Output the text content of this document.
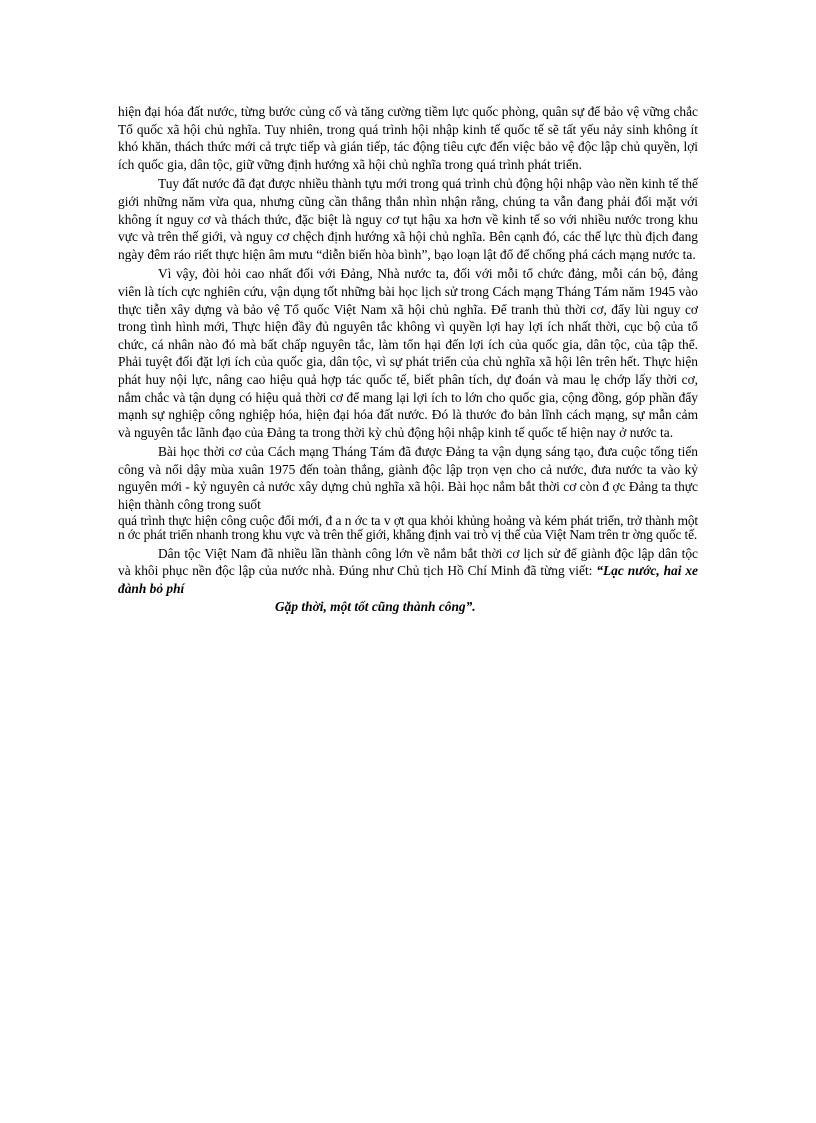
hiện đại hóa đất nước, từng bước củng cố và tăng cường tiềm lực quốc phòng, quân sự để bảo vệ vững chắc Tổ quốc xã hội chủ nghĩa. Tuy nhiên, trong quá trình hội nhập kinh tế quốc tế sẽ tất yếu nảy sinh không ít khó khăn, thách thức mới cả trực tiếp và gián tiếp, tác động tiêu cực đến việc bảo vệ độc lập chủ quyền, lợi ích quốc gia, dân tộc, giữ vững định hướng xã hội chủ nghĩa trong quá trình phát triển.

Tuy đất nước đã đạt được nhiều thành tựu mới trong quá trình chủ động hội nhập vào nền kinh tế thế giới những năm vừa qua, nhưng cũng cần thẳng thắn nhìn nhận rằng, chúng ta vẫn đang phải đối mặt với không ít nguy cơ và thách thức, đặc biệt là nguy cơ tụt hậu xa hơn về kinh tế so với nhiều nước trong khu vực và trên thế giới, và nguy cơ chệch định hướng xã hội chủ nghĩa. Bên cạnh đó, các thế lực thù địch đang ngày đêm ráo riết thực hiện âm mưu “diễn biến hòa bình”, bạo loạn lật đổ để chống phá cách mạng nước ta.

Vì vậy, đòi hỏi cao nhất đối với Đảng, Nhà nước ta, đối với mỗi tổ chức đảng, mỗi cán bộ, đảng viên là tích cực nghiên cứu, vận dụng tốt những bài học lịch sử trong Cách mạng Tháng Tám năm 1945 vào thực tiễn xây dựng và bảo vệ Tổ quốc Việt Nam xã hội chủ nghĩa. Để tranh thủ thời cơ, đẩy lùi nguy cơ trong tình hình mới, Thực hiện đầy đủ nguyên tắc không vì quyền lợi hay lợi ích nhất thời, cục bộ của tổ chức, cá nhân nào đó mà bất chấp nguyên tắc, làm tổn hại đến lợi ích của quốc gia, dân tộc, của tập thể. Phải tuyệt đối đặt lợi ích của quốc gia, dân tộc, vì sự phát triển của chủ nghĩa xã hội lên trên hết. Thực hiện phát huy nội lực, nâng cao hiệu quả hợp tác quốc tế, biết phân tích, dự đoán và mau lẹ chớp lấy thời cơ, nắm chắc và tận dụng có hiệu quả thời cơ để mang lại lợi ích to lớn cho quốc gia, cộng đồng, góp phần đẩy mạnh sự nghiệp công nghiệp hóa, hiện đại hóa đất nước. Đó là thước đo bản lĩnh cách mạng, sự mẫn cảm và nguyên tắc lãnh đạo của Đảng ta trong thời kỳ chủ động hội nhập kinh tế quốc tế hiện nay ở nước ta.

Bài học thời cơ của Cách mạng Tháng Tám đã được Đảng ta vận dụng sáng tạo, đưa cuộc tổng tiến công và nổi dậy mùa xuân 1975 đến toàn thắng, giành độc lập trọn vẹn cho cả nước, đưa nước ta vào kỷ nguyên mới - kỷ nguyên cả nước xây dựng chủ nghĩa xã hội. Bài học nắm bắt thời cơ còn đ ợc Đảng ta thực hiện thành công trong suốt

quá trình thực hiện công cuộc đổi mới, đ a n ớc ta v ợt qua khỏi khủng hoảng và kém phát triển, trở thành một n ớc phát triển nhanh trong khu vực và trên thế giới, khẳng định vai trò vị thế của Việt Nam trên tr ờng quốc tế.

Dân tộc Việt Nam đã nhiều lần thành công lớn về nắm bắt thời cơ lịch sử để giành độc lập dân tộc và khôi phục nền độc lập của nước nhà. Đúng như Chủ tịch Hồ Chí Minh đã từng viết: “Lạc nước, hai xe đành bỏ phí
Gặp thời, một tốt cũng thành công”.
